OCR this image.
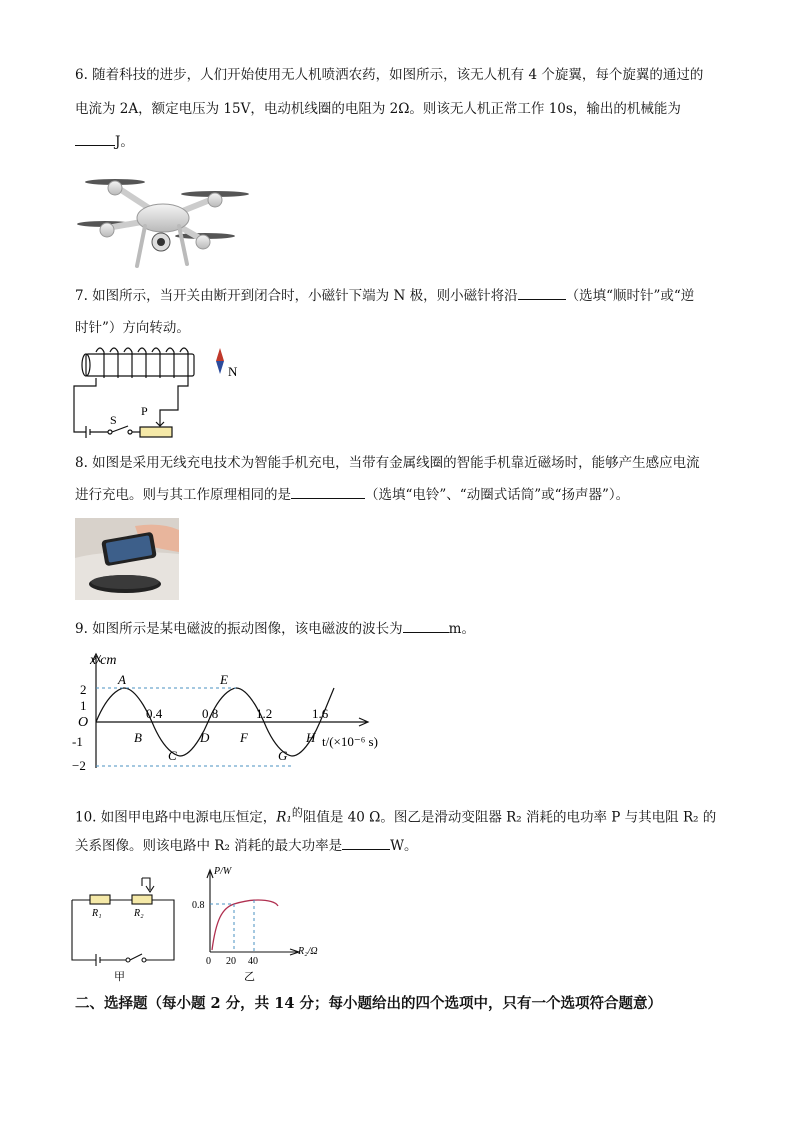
6. 随着科技的进步，人们开始使用无人机喷洒农药，如图所示，该无人机有 4 个旋翼，每个旋翼的通过的
电流为 2A，额定电压为 15V，电动机线圈的电阻为 2Ω。则该无人机正常工作 10s，输出的机械能为
J。
7. 如图所示，当开关由断开到闭合时，小磁针下端为 N 极，则小磁针将沿	（选填“顺时针”或“逆
时针”）方向转动。
N
S
P
8. 如图是采用无线充电技术为智能手机充电，当带有金属线圈的智能手机靠近磁场时，能够产生感应电流
进行充电。则与其工作原理相同的是	（选填“电铃”、“动圈式话筒”或“扬声器”）。
9. 如图所示是某电磁波的振动图像，该电磁波的波长为	m。
x/cm
O
2
1
-1
−2
0.4	0.8	1.2	1.6
A
B
C
D
E
F
G
H t/(×10⁻⁶ s)
10. 如图甲电路中电源电压恒定，R₁$^的$阻值是 40 Ω。图乙是滑动变阻器 R₂ 消耗的电功率 P 与其电阻 R₂ 的
关系图像。则该电路中 R₂ 消耗的最大功率是	W。
R₁	R₂
甲
P/W
0.8
0 20 40
R₂/Ω
乙
二、选择题（每小题 2 分，共 14 分；每小题给出的四个选项中，只有一个选项符合题意）
